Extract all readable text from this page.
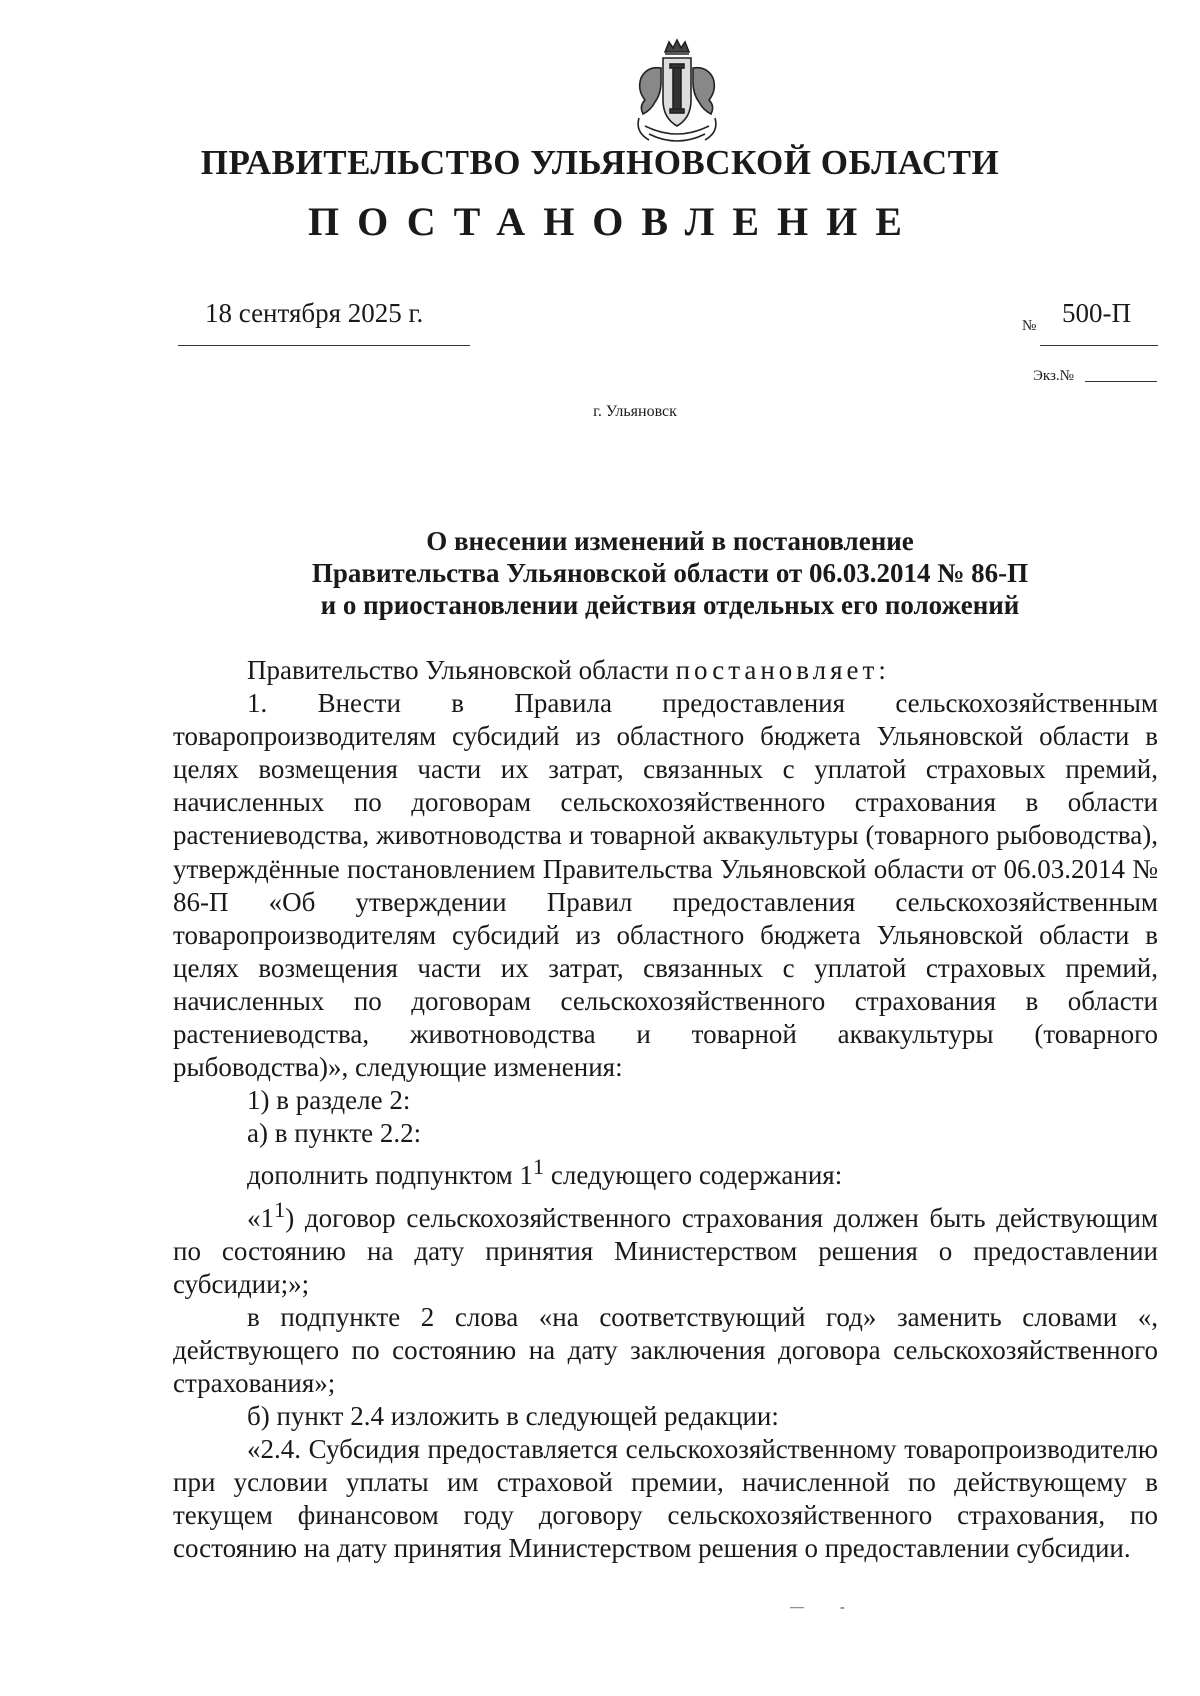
ПРАВИТЕЛЬСТВО УЛЬЯНОВСКОЙ ОБЛАСТИ
ПОСТАНОВЛЕНИЕ
18 сентября 2025 г.	№ 500-П
Экз.№
г. Ульяновск
О внесении изменений в постановление
Правительства Ульяновской области от 06.03.2014 № 86-П
и о приостановлении действия отдельных его положений

Правительство Ульяновской области постановляет:

1. Внести в Правила предоставления сельскохозяйственным товаропроизводителям субсидий из областного бюджета Ульяновской области в целях возмещения части их затрат, связанных с уплатой страховых премий, начисленных по договорам сельскохозяйственного страхования в области растениеводства, животноводства и товарной аквакультуры (товарного рыбоводства), утверждённые постановлением Правительства Ульяновской области от 06.03.2014 № 86-П «Об утверждении Правил предоставления сельскохозяйственным товаропроизводителям субсидий из областного бюджета Ульяновской области в целях возмещения части их затрат, связанных с уплатой страховых премий, начисленных по договорам сельскохозяйственного страхования в области растениеводства, животноводства и товарной аквакультуры (товарного рыбоводства)», следующие изменения:

1) в разделе 2:

а) в пункте 2.2:

дополнить подпунктом $1^1$ следующего содержания:

«$1^1$) договор сельскохозяйственного страхования должен быть действующим по состоянию на дату принятия Министерством решения о предоставлении субсидии;»;

в подпункте 2 слова «на соответствующий год» заменить словами «, действующего по состоянию на дату заключения договора сельскохозяйственного страхования»;

б) пункт 2.4 изложить в следующей редакции:

«2.4. Субсидия предоставляется сельскохозяйственному товаропроизводителю при условии уплаты им страховой премии, начисленной по действующему в текущем финансовом году договору сельскохозяйственного страхования, по состоянию на дату принятия Министерством решения о предоставлении субсидии.

—	-
